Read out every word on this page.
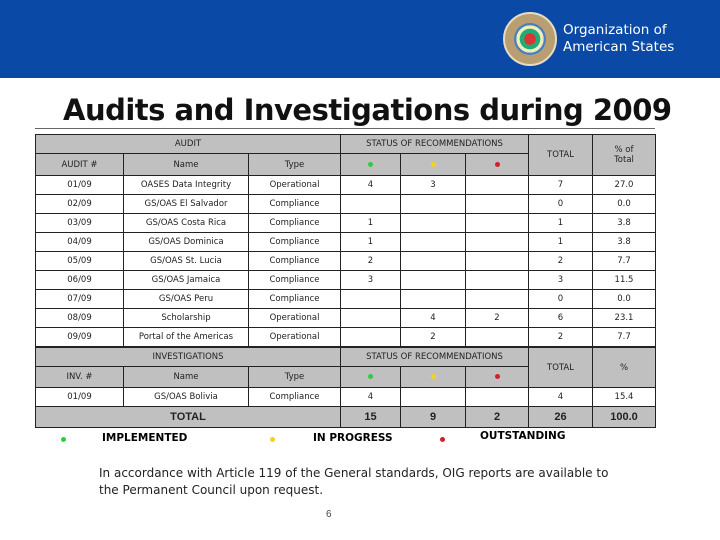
Organization of
American States
Audits and Investigations during 2009
AUDIT			STATUS OF RECOMMENDATIONS			TOTAL	% of Total
AUDIT #	Name	Type					
01/09	OASES Data Integrity	Operational	4	3		7	27.0
02/09	GS/OAS El Salvador	Compliance				0	0.0
03/09	GS/OAS Costa Rica	Compliance	1			1	3.8
04/09	GS/OAS Dominica	Compliance	1			1	3.8
05/09	GS/OAS St. Lucia	Compliance	2			2	7.7
06/09	GS/OAS Jamaica	Compliance	3			3	11.5
07/09	GS/OAS Peru	Compliance				0	0.0
08/09	Scholarship	Operational		4	2	6	23.1
09/09	Portal of the Americas	Operational		2		2	7.7
INVESTIGATIONS			STATUS OF RECOMMENDATIONS			TOTAL	%
INV. #	Name	Type					
01/09	GS/OAS Bolivia	Compliance	4			4	15.4
TOTAL			15	9	2	26	100.0
IMPLEMENTED	IN PROGRESS	OUTSTANDING
In accordance with Article 119 of the General standards, OIG reports are available to the Permanent Council upon request.
6
